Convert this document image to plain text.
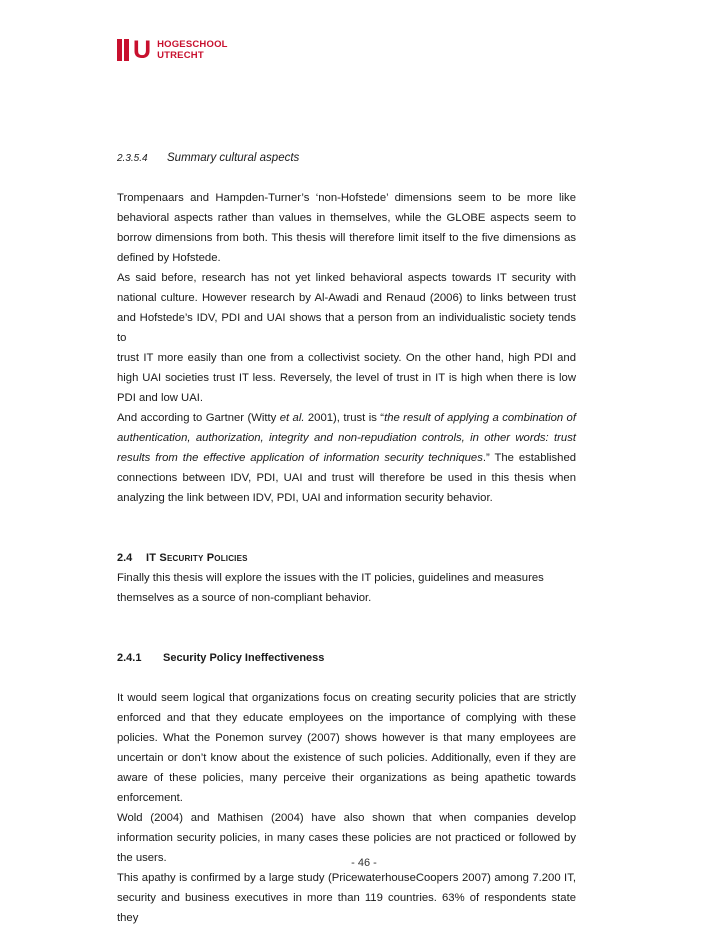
U HOGESCHOOL
UTRECHT
2.3.5.4	Summary cultural aspects

Trompenaars and Hampden-Turner’s ‘non-Hofstede’ dimensions seem to be more like

behavioral aspects rather than values in themselves, while the GLOBE aspects seem to

borrow dimensions from both. This thesis will therefore limit itself to the five dimensions as

defined by Hofstede.

As said before, research has not yet linked behavioral aspects towards IT security with

national culture. However research by Al-Awadi and Renaud (2006) to links between trust

and Hofstede’s IDV, PDI and UAI shows that a person from an individualistic society tends to

trust IT more easily than one from a collectivist society. On the other hand, high PDI and

high UAI societies trust IT less. Reversely, the level of trust in IT is high when there is low

PDI and low UAI.

And according to Gartner (Witty et al. 2001), trust is “the result of applying a combination of

authentication, authorization, integrity and non-repudiation controls, in other words: trust

results from the effective application of information security techniques.” The established

connections between IDV, PDI, UAI and trust will therefore be used in this thesis when

analyzing the link between IDV, PDI, UAI and information security behavior.

2.4	IT Security Policies

Finally this thesis will explore the issues with the IT policies, guidelines and measures

themselves as a source of non-compliant behavior.

2.4.1	Security Policy Ineffectiveness

It would seem logical that organizations focus on creating security policies that are strictly

enforced and that they educate employees on the importance of complying with these

policies. What the Ponemon survey (2007) shows however is that many employees are

uncertain or don’t know about the existence of such policies. Additionally, even if they are

aware of these policies, many perceive their organizations as being apathetic towards

enforcement.

Wold (2004) and Mathisen (2004) have also shown that when companies develop

information security policies, in many cases these policies are not practiced or followed by

the users.

This apathy is confirmed by a large study (PricewaterhouseCoopers 2007) among 7.200 IT,

security and business executives in more than 119 countries. 63% of respondents state they

- 46 -
